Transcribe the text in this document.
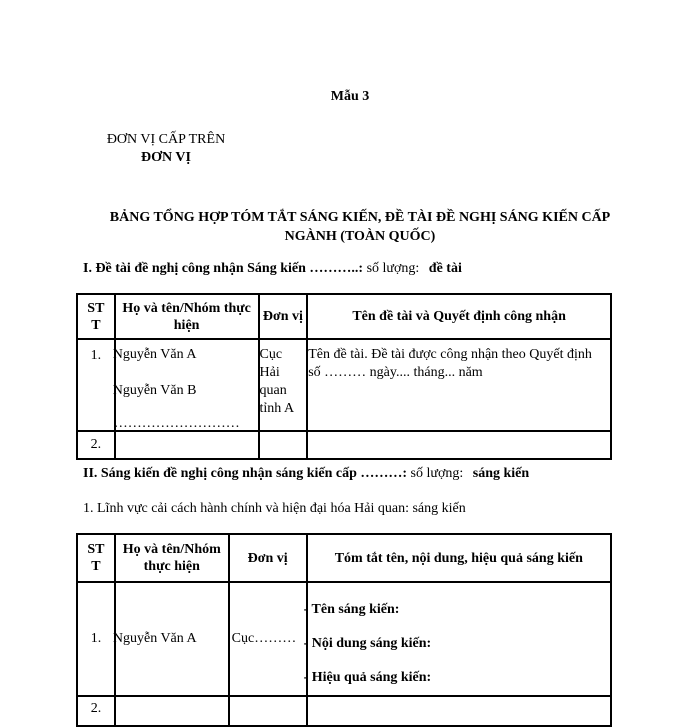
Mẫu 3
ĐƠN VỊ CẤP TRÊN
ĐƠN VỊ
BẢNG TỔNG HỢP TÓM TẮT SÁNG KIẾN, ĐỀ TÀI ĐỀ NGHỊ SÁNG KIẾN CẤP
NGÀNH (TOÀN QUỐC)
I. Đề tài đề nghị công nhận Sáng kiến ………..: số lượng: đề tài
ST
T	Họ và tên/Nhóm thực
hiện	Đơn vị	Tên đề tài và Quyết định công nhận
1.	Nguyễn Văn A
Nguyễn Văn B
………………………	Cục
Hải
quan
tỉnh A	Tên đề tài. Đề tài được công nhận theo Quyết định
số ……… ngày.... tháng... năm

2.			
II. Sáng kiến đề nghị công nhận sáng kiến cấp ………: số lượng: sáng kiến
1. Lĩnh vực cải cách hành chính và hiện đại hóa Hải quan: sáng kiến
ST
T	Họ và tên/Nhóm
thực hiện	Đơn vị	Tóm tắt tên, nội dung, hiệu quả sáng kiến
1.	Nguyễn Văn A	Cục………	- Tên sáng kiến:
- Nội dung sáng kiến:
- Hiệu quả sáng kiến:

2.			
